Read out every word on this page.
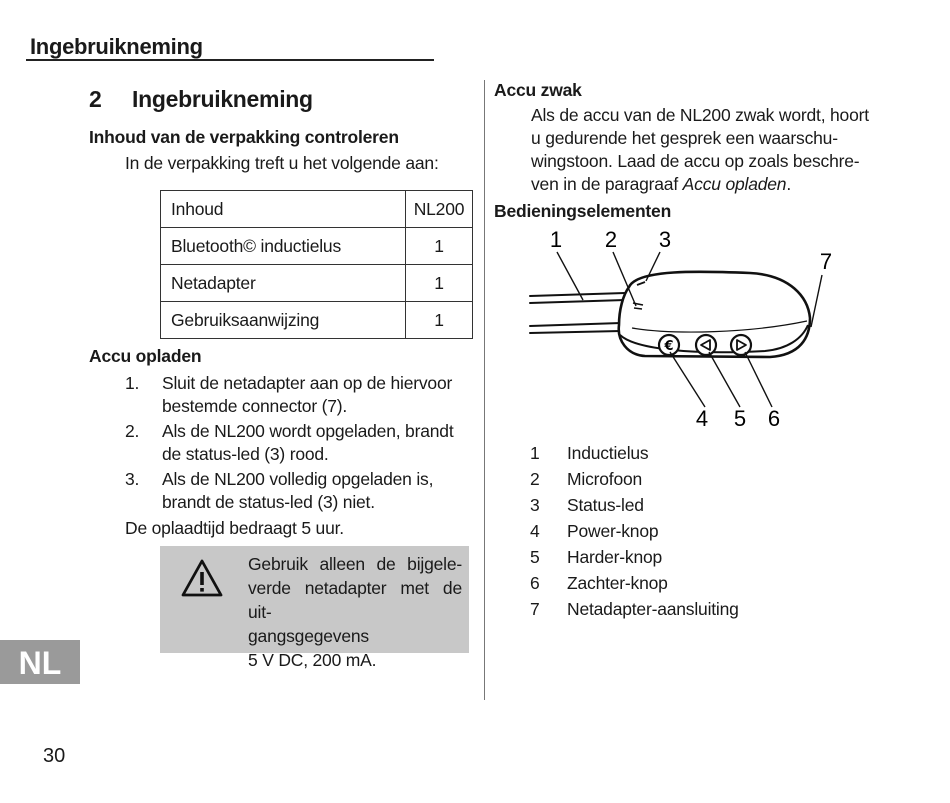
Ingebruikneming
2 Ingebruikneming
Inhoud van de verpakking controleren
In de verpakking treft u het volgende aan:
Inhoud	NL200
Bluetooth© inductielus	1
Netadapter	1
Gebruiksaanwijzing	1
Accu opladen
1.	Sluit de netadapter aan op de hiervoor
bestemde connector (7).
2.	Als de NL200 wordt opgeladen, brandt
de status-led (3) rood.
3.	Als de NL200 volledig opgeladen is,
brandt de status-led (3) niet.
De oplaadtijd bedraagt 5 uur.
Gebruik alleen de bijgele-
verde netadapter met de uit-
gangsgegevens
5 V DC, 200 mA.
NL
30
Accu zwak
Als de accu van de NL200 zwak wordt, hoort
u gedurende het gesprek een waarschu-
wingstoon. Laad de accu op zoals beschre-
ven in de paragraaf Accu opladen.
Bedieningselementen
€
1 2 3
7
4 5 6
1	Inductielus
2	Microfoon
3	Status-led
4	Power-knop
5	Harder-knop
6	Zachter-knop
7	Netadapter-aansluiting
